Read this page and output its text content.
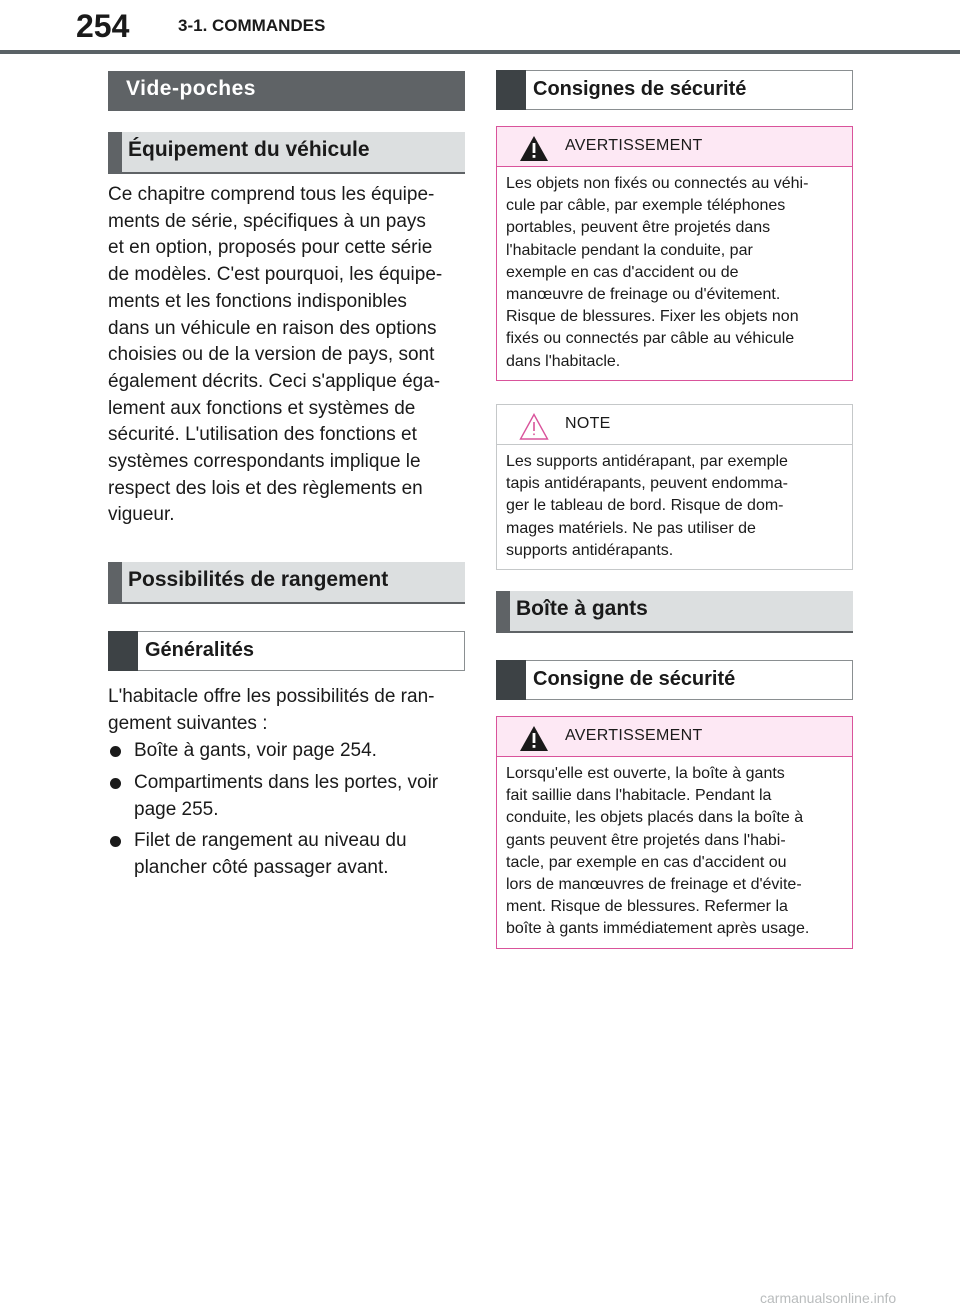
254	3-1. COMMANDES
Vide-poches
Équipement du véhicule
Ce chapitre comprend tous les équipe-
ments de série, spécifiques à un pays
et en option, proposés pour cette série
de modèles. C'est pourquoi, les équipe-
ments et les fonctions indisponibles
dans un véhicule en raison des options
choisies ou de la version de pays, sont
également décrits. Ceci s'applique éga-
lement aux fonctions et systèmes de
sécurité. L'utilisation des fonctions et
systèmes correspondants implique le
respect des lois et des règlements en
vigueur.
Possibilités de rangement
Généralités
L'habitacle offre les possibilités de ran-
gement suivantes :
Boîte à gants, voir page 254.
Compartiments dans les portes, voir
page 255.
Filet de rangement au niveau du
plancher côté passager avant.
Consignes de sécurité
AVERTISSEMENT
Les objets non fixés ou connectés au véhi-
cule par câble, par exemple téléphones
portables, peuvent être projetés dans
l'habitacle pendant la conduite, par
exemple en cas d'accident ou de
manœuvre de freinage ou d'évitement.
Risque de blessures. Fixer les objets non
fixés ou connectés par câble au véhicule
dans l'habitacle.
NOTE
Les supports antidérapant, par exemple
tapis antidérapants, peuvent endomma-
ger le tableau de bord. Risque de dom-
mages matériels. Ne pas utiliser de
supports antidérapants.
Boîte à gants
Consigne de sécurité
AVERTISSEMENT
Lorsqu'elle est ouverte, la boîte à gants
fait saillie dans l'habitacle. Pendant la
conduite, les objets placés dans la boîte à
gants peuvent être projetés dans l'habi-
tacle, par exemple en cas d'accident ou
lors de manœuvres de freinage et d'évite-
ment. Risque de blessures. Refermer la
boîte à gants immédiatement après usage.
carmanualsonline.info
